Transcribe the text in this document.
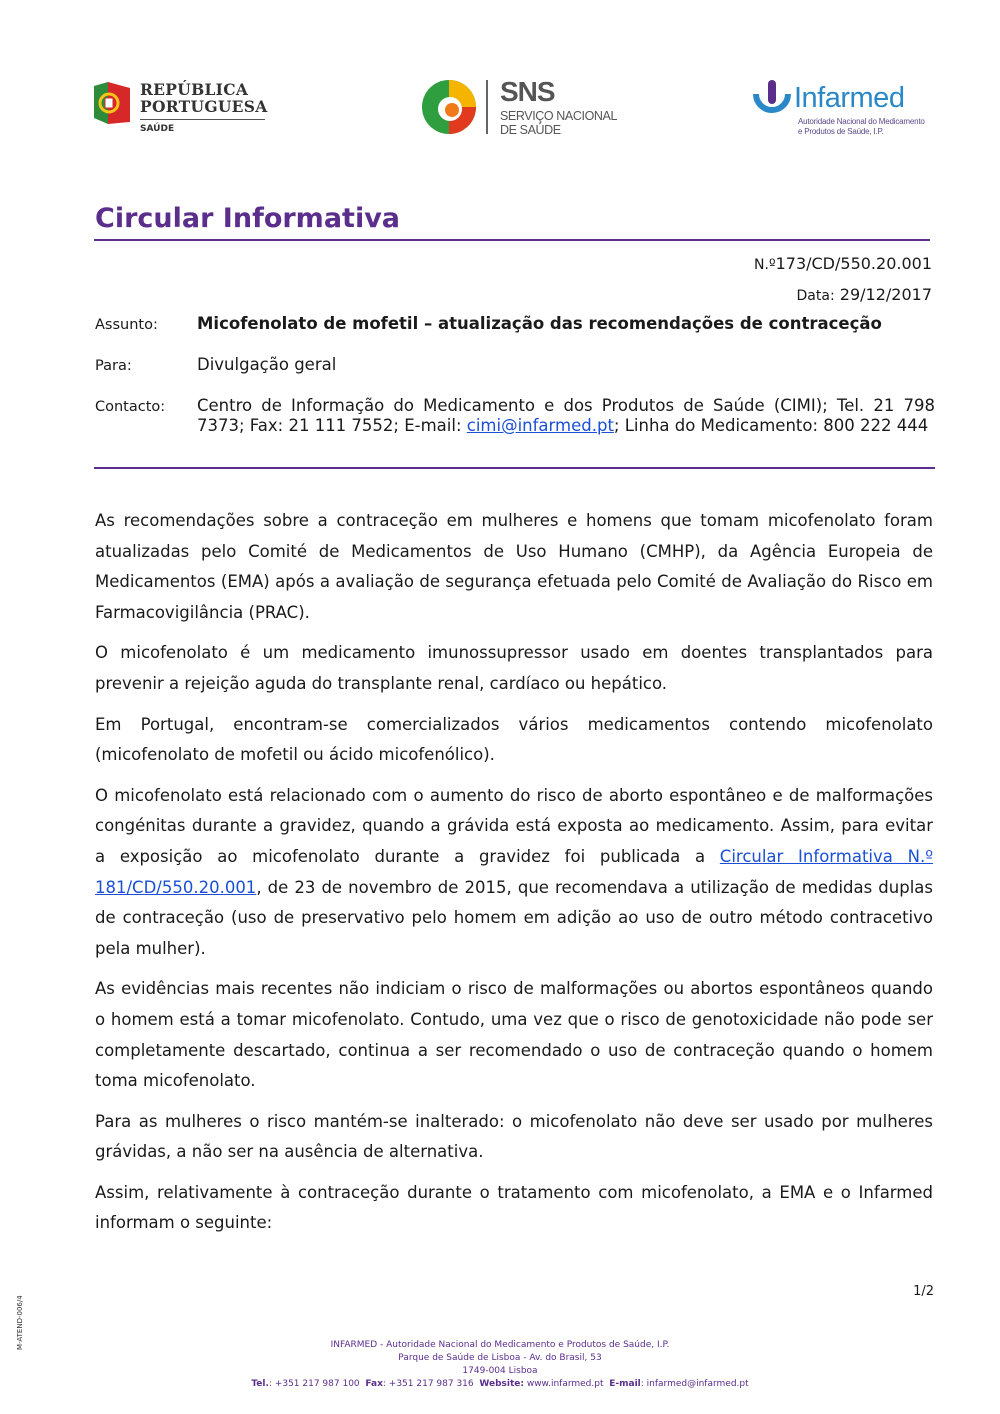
REPÚBLICA
PORTUGUESA
SAÚDE
SNS
SERVIÇO NACIONAL
DE SAÚDE
Infarmed
Autoridade Nacional do Medicamento
e Produtos de Saúde, I.P.
Circular Informativa
N.º173/CD/550.20.001
Data: 29/12/2017
Assunto: Micofenolato de mofetil – atualização das recomendações de contraceção
Para:	Divulgação geral
Contacto: Centro de Informação do Medicamento e dos Produtos de Saúde (CIMI); Tel. 21 798 7373; Fax: 21 111 7552; E-mail: cimi@infarmed.pt; Linha do Medicamento: 800 222 444

As recomendações sobre a contraceção em mulheres e homens que tomam micofenolato foram atualizadas pelo Comité de Medicamentos de Uso Humano (CMHP), da Agência Europeia de Medicamentos (EMA) após a avaliação de segurança efetuada pelo Comité de Avaliação do Risco em Farmacovigilância (PRAC).

O micofenolato é um medicamento imunossupressor usado em doentes transplantados para prevenir a rejeição aguda do transplante renal, cardíaco ou hepático.

Em Portugal, encontram-se comercializados vários medicamentos contendo micofenolato (micofenolato de mofetil ou ácido micofenólico).

O micofenolato está relacionado com o aumento do risco de aborto espontâneo e de malformações congénitas durante a gravidez, quando a grávida está exposta ao medicamento. Assim, para evitar a exposição ao micofenolato durante a gravidez foi publicada a Circular Informativa N.º 181/CD/550.20.001, de 23 de novembro de 2015, que recomendava a utilização de medidas duplas de contraceção (uso de preservativo pelo homem em adição ao uso de outro método contracetivo pela mulher).

As evidências mais recentes não indiciam o risco de malformações ou abortos espontâneos quando o homem está a tomar micofenolato. Contudo, uma vez que o risco de genotoxicidade não pode ser completamente descartado, continua a ser recomendado o uso de contraceção quando o homem toma micofenolato.

Para as mulheres o risco mantém-se inalterado: o micofenolato não deve ser usado por mulheres grávidas, a não ser na ausência de alternativa.

Assim, relativamente à contraceção durante o tratamento com micofenolato, a EMA e o Infarmed informam o seguinte:

1/2
INFARMED - Autoridade Nacional do Medicamento e Produtos de Saúde, I.P.
Parque de Saúde de Lisboa - Av. do Brasil, 53
1749-004 Lisboa
Tel.: +351 217 987 100 Fax: +351 217 987 316 Website: www.infarmed.pt E-mail: infarmed@infarmed.pt
M-ATEND-006/4
